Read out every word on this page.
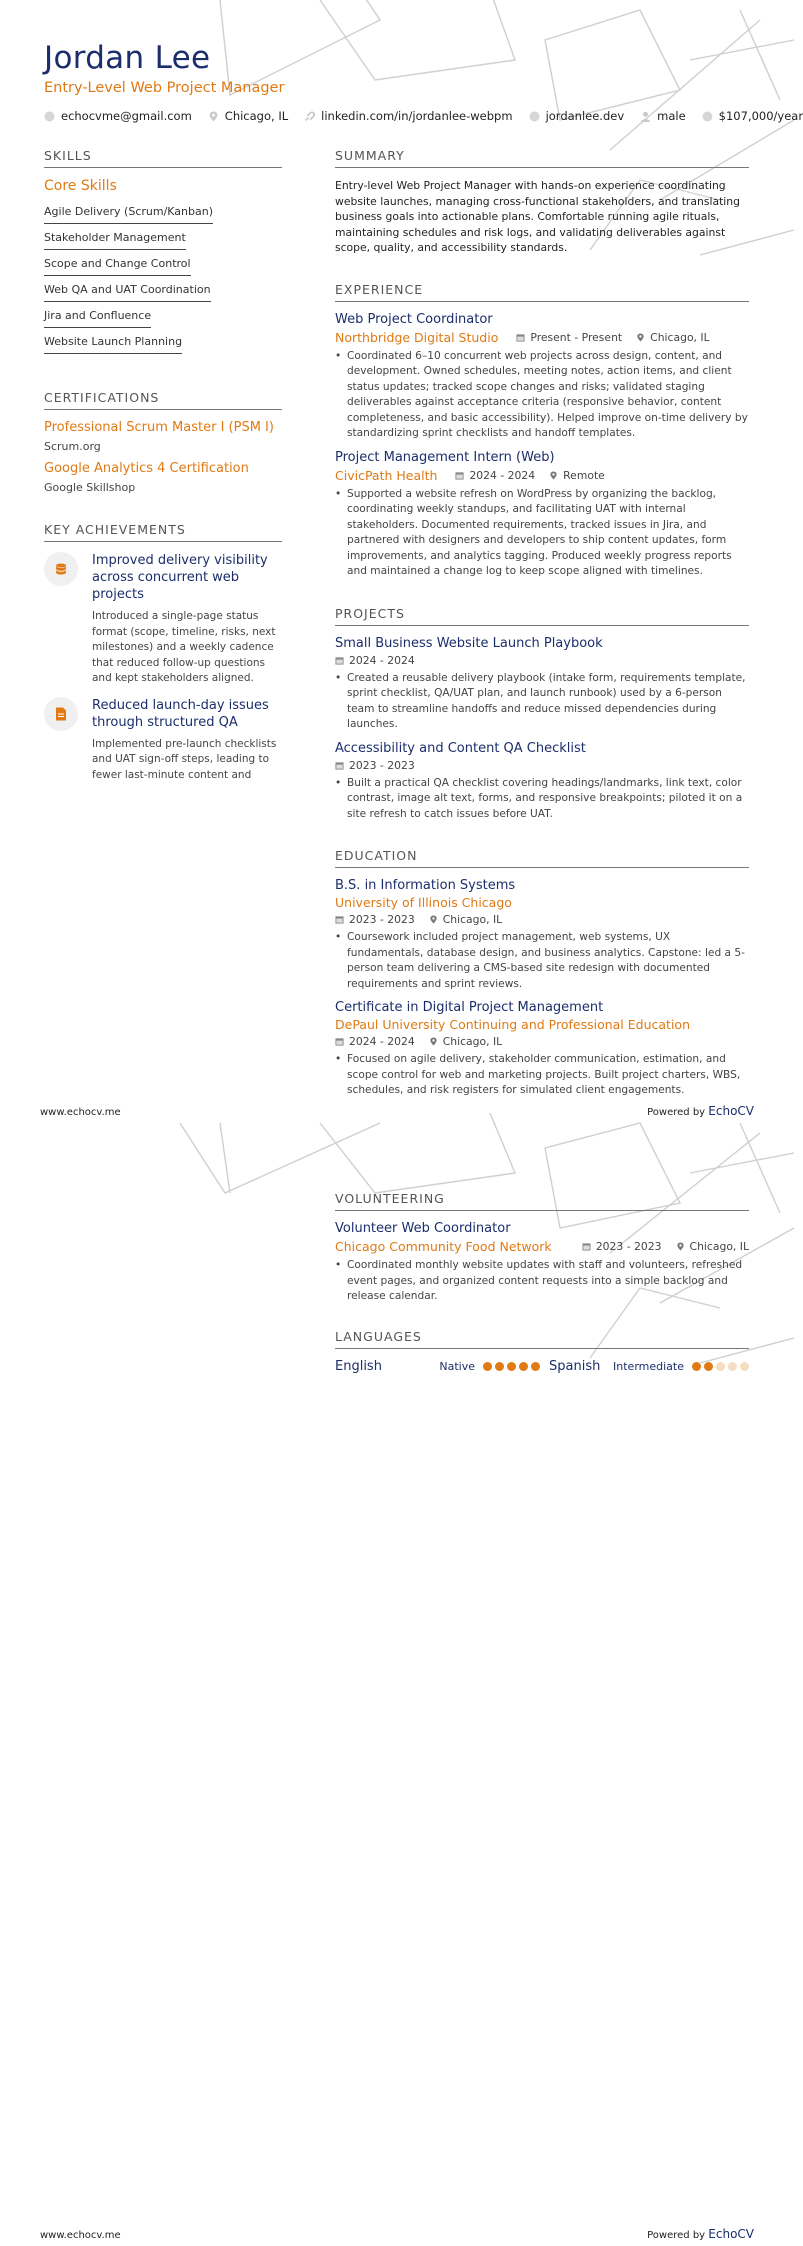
Jordan Lee
Entry-Level Web Project Manager
echocvme@gmail.com	Chicago, IL	linkedin.com/in/jordanlee-webpm	jordanlee.dev	male	$107,000/year
SKILLS
Core Skills
Agile Delivery (Scrum/Kanban)
Stakeholder Management
Scope and Change Control
Web QA and UAT Coordination
Jira and Confluence
Website Launch Planning
CERTIFICATIONS
Professional Scrum Master I (PSM I)
Scrum.org
Google Analytics 4 Certification
Google Skillshop
KEY ACHIEVEMENTS
Improved delivery visibility across concurrent web projects
Introduced a single-page status format (scope, timeline, risks, next milestones) and a weekly cadence that reduced follow-up questions and kept stakeholders aligned.
Reduced launch-day issues through structured QA
Implemented pre-launch checklists and UAT sign-off steps, leading to fewer last-minute content and
SUMMARY
Entry-level Web Project Manager with hands-on experience coordinating website launches, managing cross-functional stakeholders, and translating business goals into actionable plans. Comfortable running agile rituals, maintaining schedules and risk logs, and validating deliverables against scope, quality, and accessibility standards.
EXPERIENCE
Web Project Coordinator
Northbridge Digital Studio	Present - Present	Chicago, IL
• Coordinated 6–10 concurrent web projects across design, content, and development. Owned schedules, meeting notes, action items, and client status updates; tracked scope changes and risks; validated staging deliverables against acceptance criteria (responsive behavior, content completeness, and basic accessibility). Helped improve on-time delivery by standardizing sprint checklists and handoff templates.
Project Management Intern (Web)
CivicPath Health	2024 - 2024	Remote
• Supported a website refresh on WordPress by organizing the backlog, coordinating weekly standups, and facilitating UAT with internal stakeholders. Documented requirements, tracked issues in Jira, and partnered with designers and developers to ship content updates, form improvements, and analytics tagging. Produced weekly progress reports and maintained a change log to keep scope aligned with timelines.
PROJECTS
Small Business Website Launch Playbook
2024 - 2024
• Created a reusable delivery playbook (intake form, requirements template, sprint checklist, QA/UAT plan, and launch runbook) used by a 6-person team to streamline handoffs and reduce missed dependencies during launches.
Accessibility and Content QA Checklist
2023 - 2023
• Built a practical QA checklist covering headings/landmarks, link text, color contrast, image alt text, forms, and responsive breakpoints; piloted it on a site refresh to catch issues before UAT.
EDUCATION
B.S. in Information Systems
University of Illinois Chicago
2023 - 2023	Chicago, IL
• Coursework included project management, web systems, UX fundamentals, database design, and business analytics. Capstone: led a 5-person team delivering a CMS-based site redesign with documented requirements and sprint reviews.
Certificate in Digital Project Management
DePaul University Continuing and Professional Education
2024 - 2024	Chicago, IL
• Focused on agile delivery, stakeholder communication, estimation, and scope control for web and marketing projects. Built project charters, WBS, schedules, and risk registers for simulated client engagements.
www.echocv.me	Powered by EchoCV
VOLUNTEERING
Volunteer Web Coordinator
Chicago Community Food Network	2023 - 2023	Chicago, IL
• Coordinated monthly website updates with staff and volunteers, refreshed event pages, and organized content requests into a simple backlog and release calendar.
LANGUAGES
English	Native	Spanish Intermediate
www.echocv.me	Powered by EchoCV
